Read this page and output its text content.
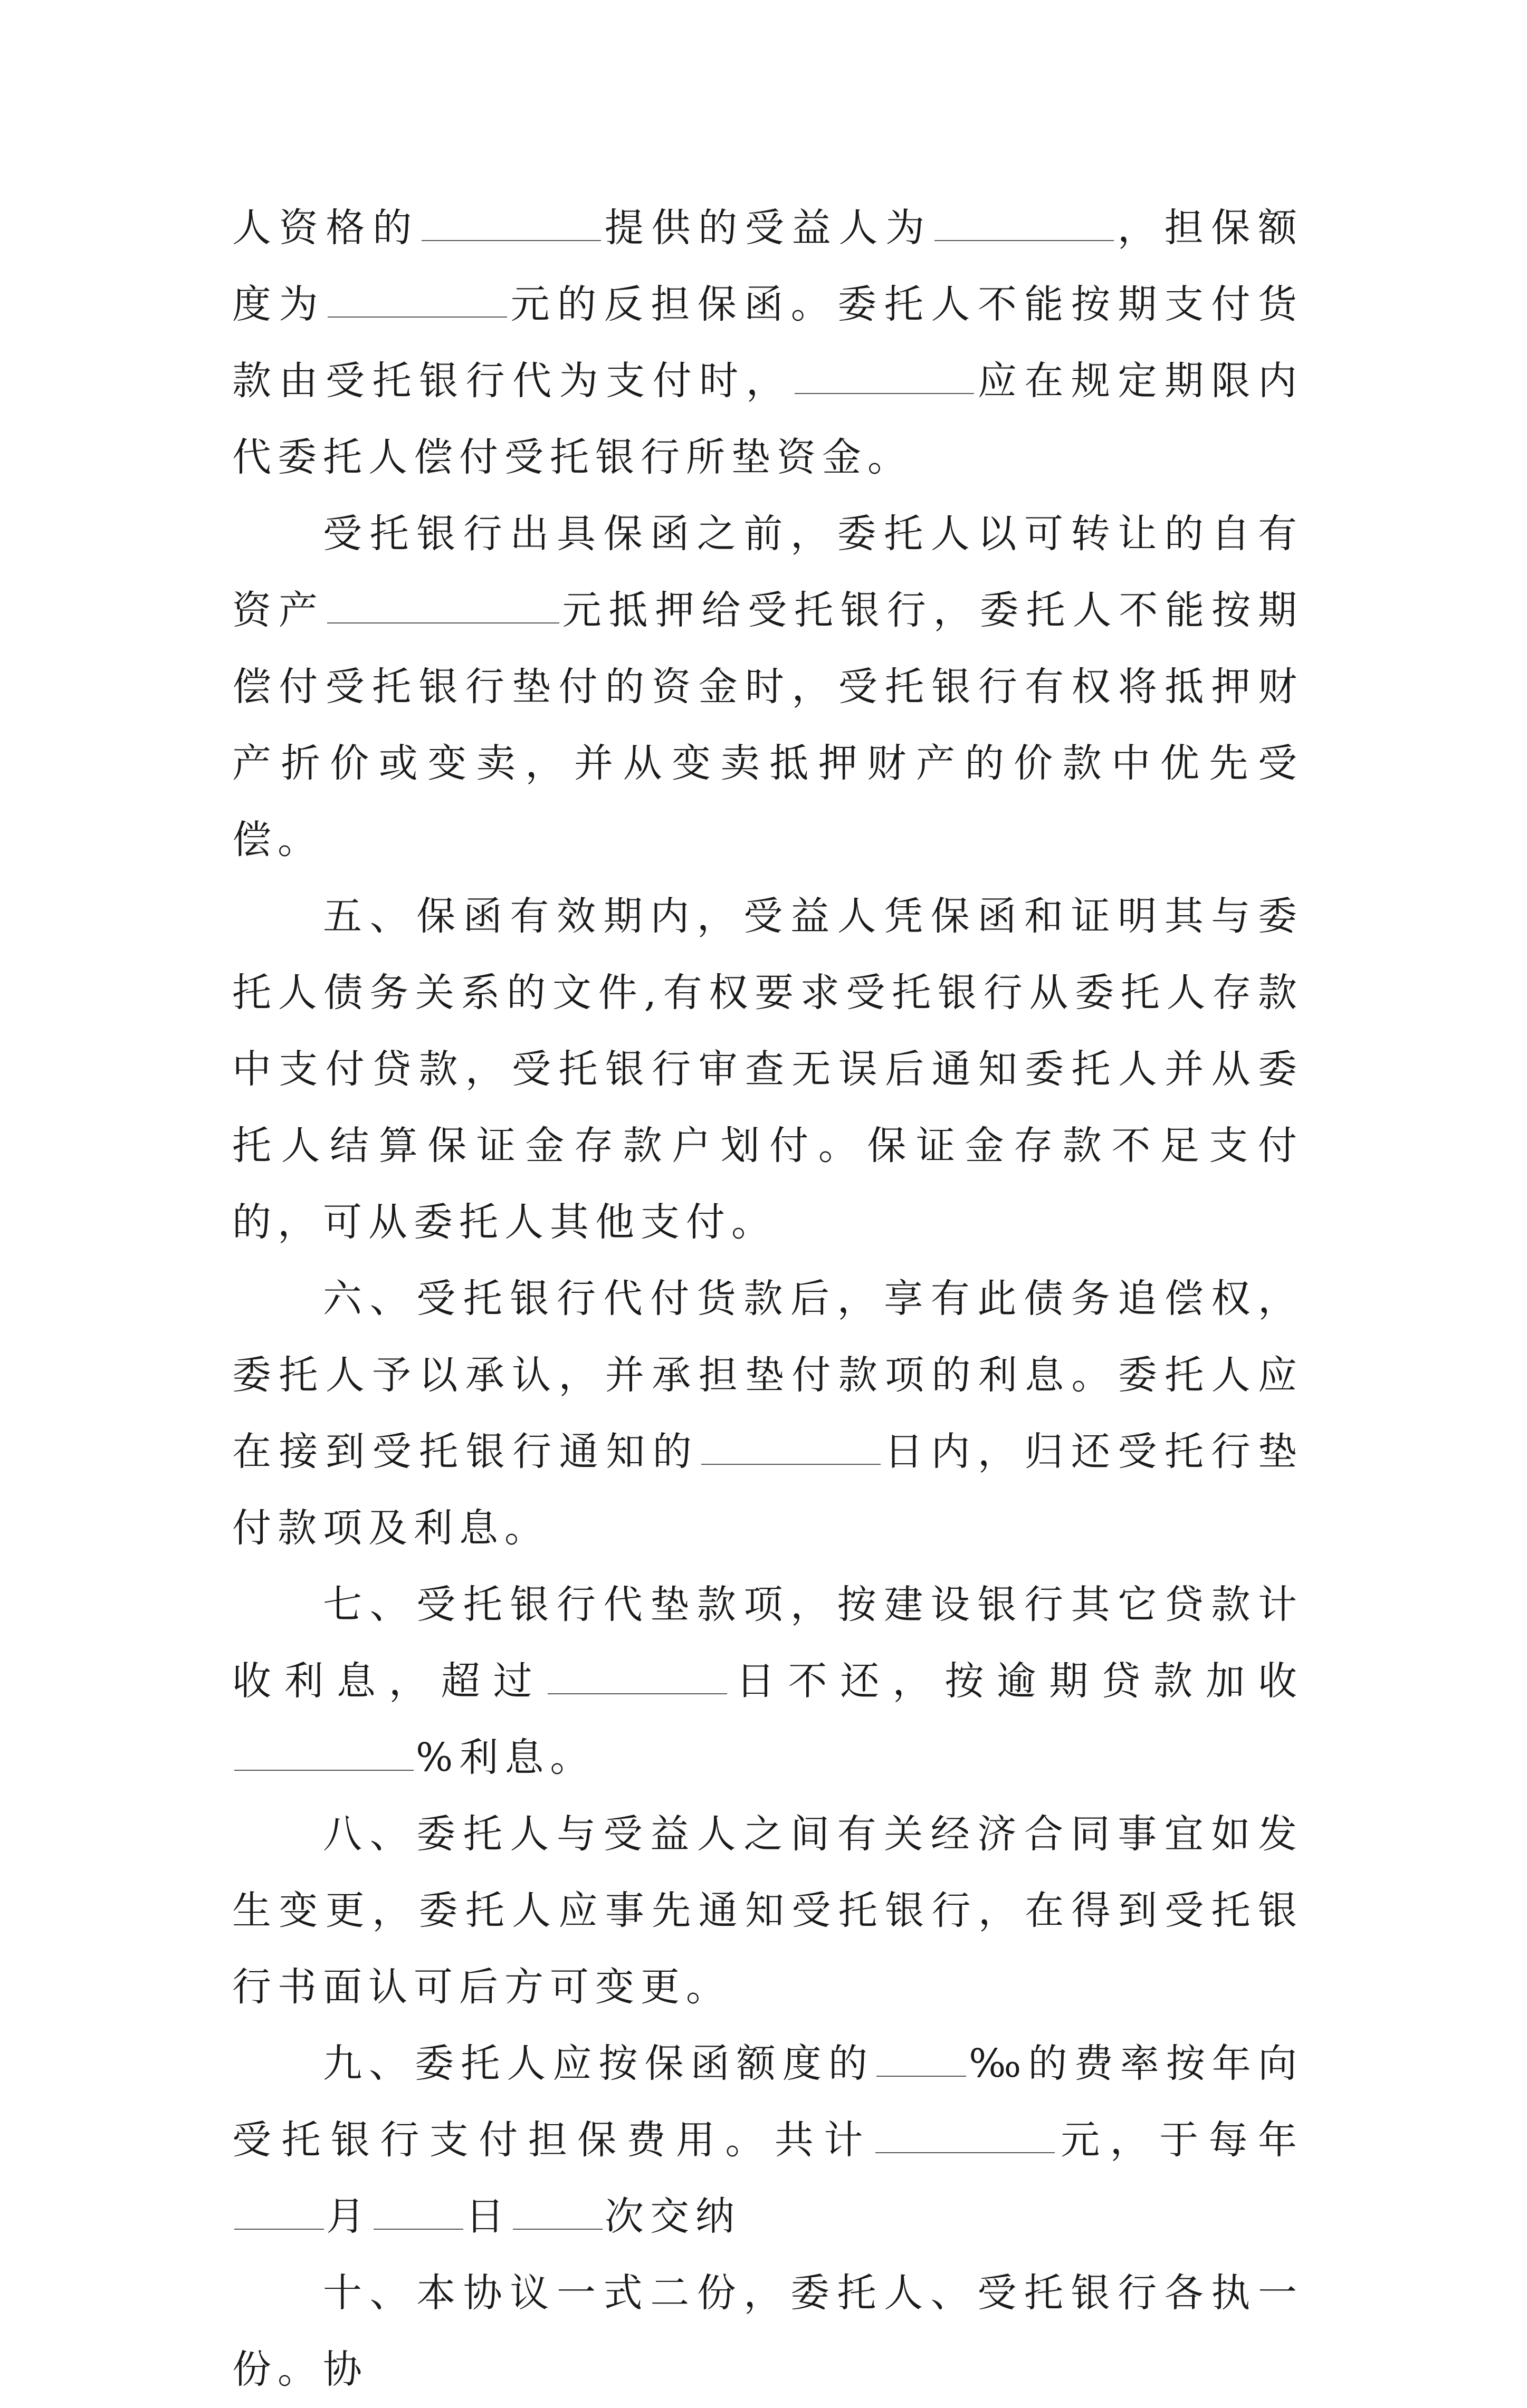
人资格的	提供的受益人为	，担保额度为	元的反担保函。委托人不能按期支付货款由受托银行代为支付时，	应在规定期限内代委托人偿付受托银行所垫资金。

受托银行出具保函之前，委托人以可转让的自有资产	元抵押给受托银行，委托人不能按期偿付受托银行垫付的资金时，受托银行有权将抵押财产折价或变卖，并从变卖抵押财产的价款中优先受偿。

五、保函有效期内，受益人凭保函和证明其与委托人债务关系的文件,有权要求受托银行从委托人存款中支付贷款，受托银行审查无误后通知委托人并从委托人结算保证金存款户划付。保证金存款不足支付的，可从委托人其他支付。

六、受托银行代付货款后，享有此债务追偿权，委托人予以承认，并承担垫付款项的利息。委托人应在接到受托银行通知的	日内，归还受托行垫付款项及利息。

七、受托银行代垫款项，按建设银行其它贷款计收利息，超过	日不还，按逾期贷款加收%利息。

八、委托人与受益人之间有关经济合同事宜如发生变更，委托人应事先通知受托银行，在得到受托银行书面认可后方可变更。

九、委托人应按保函额度的 ‰的费率按年向受托银行支付担保费用。共计	元，于每年月 日 次交纳

十、本协议一式二份，委托人、受托银行各执一份。协
